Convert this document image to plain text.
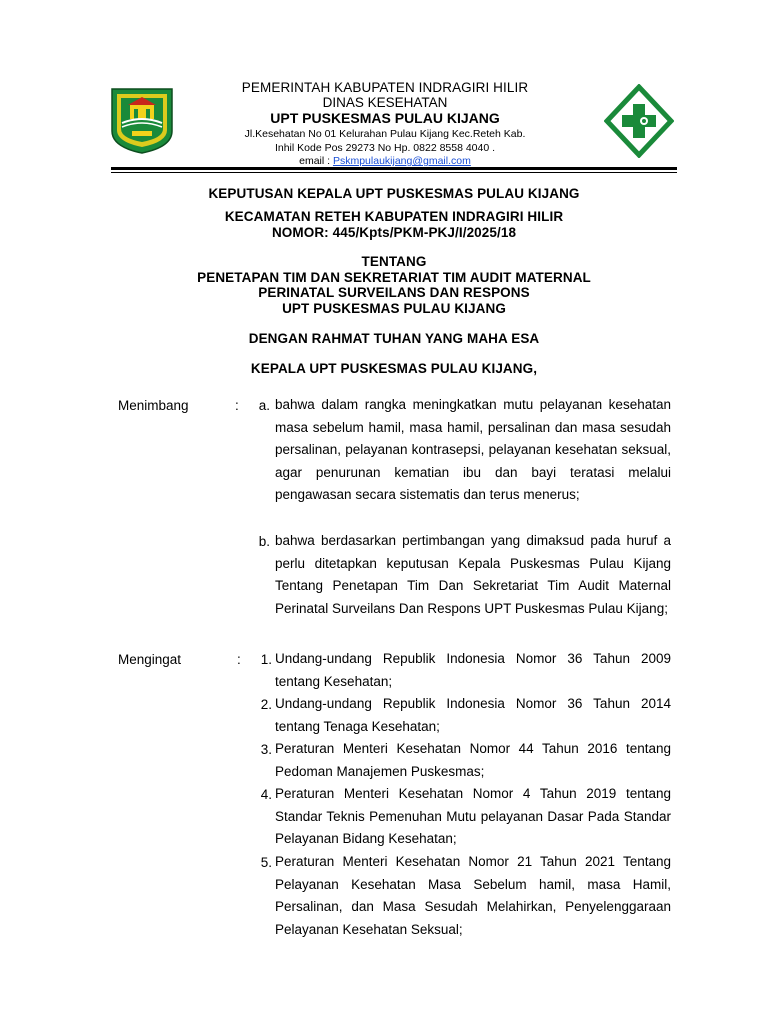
PEMERINTAH KABUPATEN INDRAGIRI HILIR
DINAS KESEHATAN
UPT PUSKESMAS PULAU KIJANG
Jl.Kesehatan No 01 Kelurahan Pulau Kijang Kec.Reteh Kab.
Inhil Kode Pos 29273 No Hp. 0822 8558 4040 .
email : Pskmpulaukijang@gmail.com
KEPUTUSAN KEPALA UPT PUSKESMAS PULAU KIJANG
KECAMATAN RETEH KABUPATEN INDRAGIRI HILIR
NOMOR: 445/Kpts/PKM-PKJ/I/2025/18
TENTANG
PENETAPAN TIM DAN SEKRETARIAT TIM AUDIT MATERNAL
PERINATAL SURVEILANS DAN RESPONS
UPT PUSKESMAS PULAU KIJANG
DENGAN RAHMAT TUHAN YANG MAHA ESA
KEPALA UPT PUSKESMAS PULAU KIJANG,
Menimbang	:	a. bahwa dalam rangka meningkatkan mutu pelayanan kesehatan masa sebelum hamil, masa hamil, persalinan dan masa sesudah persalinan, pelayanan kontrasepsi, pelayanan kesehatan seksual, agar penurunan kematian ibu dan bayi teratasi melalui pengawasan secara sistematis dan terus menerus;
b. bahwa berdasarkan pertimbangan yang dimaksud pada huruf a perlu ditetapkan keputusan Kepala Puskesmas Pulau Kijang Tentang Penetapan Tim Dan Sekretariat Tim Audit Maternal Perinatal Surveilans Dan Respons UPT Puskesmas Pulau Kijang;
Mengingat	:	1. Undang-undang Republik Indonesia Nomor 36 Tahun 2009 tentang Kesehatan;
2. Undang-undang Republik Indonesia Nomor 36 Tahun 2014 tentang Tenaga Kesehatan;
3. Peraturan Menteri Kesehatan Nomor 44 Tahun 2016 tentang Pedoman Manajemen Puskesmas;
4. Peraturan Menteri Kesehatan Nomor 4 Tahun 2019 tentang Standar Teknis Pemenuhan Mutu pelayanan Dasar Pada Standar Pelayanan Bidang Kesehatan;
5. Peraturan Menteri Kesehatan Nomor 21 Tahun 2021 Tentang Pelayanan Kesehatan Masa Sebelum hamil, masa Hamil, Persalinan, dan Masa Sesudah Melahirkan, Penyelenggaraan Pelayanan Kesehatan Seksual;
